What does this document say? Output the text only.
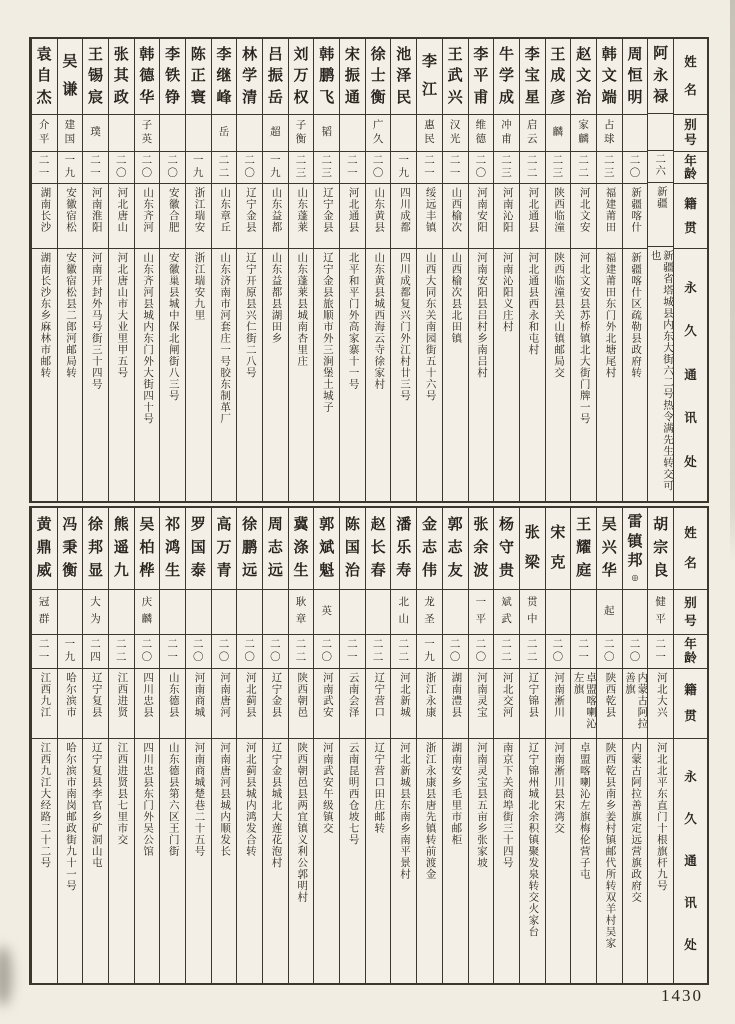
姓
名
别
号
年
龄
籍
贯
永
久
通
讯
处
阿
永
禄
二
六
新疆
新疆省塔城县内东大街六二号热令满先生转交可也
周
恒
明
二
〇
新疆喀什
新疆喀什区疏勒县政府转
韩
文
端
占
球
二
三
福建莆田
福建莆田东门外北塘尾村
赵
文
治
家
麟
二
二
河北文安
河北文安县苏桥镇北大街门牌一号
王
成
彦
麟
二
三
陕西临潼
陕西临潼县关山镇邮局交
李
宝
星
启
云
二
二
河北通县
河北通县西永和屯村
牛
学
成
冲
甫
二
三
河南沁阳
河南沁阳义庄村
李
平
甫
维
德
二
〇
河南安阳
河南安阳县吕村乡南吕村
王
武
兴
汉
光
二
一
山西榆次
山西榆次县北田镇
李
江
惠
民
二
一
绥远丰镇
山西大同东关南园街五十六号
池
泽
民
一
九
四川成都
四川成都复兴门外江村廿三号
徐
士
衡
广
久
二
〇
山东黄县
山东黄县城西海云寺徐家村
宋
振
通
二
一
河北通县
北平和平门外高家寨十一号
韩
鹏
飞
韬
二
三
辽宁金县
辽宁金县旅顺市外三涧堡土城子
刘
万
权
子
衡
二
三
山东蓬莱
山东蓬莱县城南杏里庄
吕
振
岳
超
一
九
山东益都
山东益都县湖田乡
林
学
清
二
〇
辽宁金县
辽宁开原县兴仁街二八号
李
继
峰
岳
二
二
山东章丘
山东济南市河套庄一号胶东制革厂
陈
正
寰
一
九
浙江瑞安
浙江瑞安九里
李
铁
铮
二
〇
安徽合肥
安徽巢县城中保北闸街八三号
韩
德
华
子
英
二
〇
山东齐河
山东齐河县城内东门外大街四十号
张
其
政
二
〇
河北唐山
河北唐山市大业里甲五号
王
锡
宸
璞
二
一
河南淮阳
河南开封外马号街三十四号
吴
谦
建
国
一
九
安徽宿松
安徽宿松县二郎河邮局转
袁
自
杰
介
平
二
一
湖南长沙
湖南长沙东乡麻林市邮转
姓
名
别
号
年
龄
籍
贯
永
久
通
讯
处
胡
宗
良
健
平
二
一
河北大兴
河北北平东直门十根旗杆九号
雷
镇
邦
◎
二
〇
内蒙古阿拉善旗
内蒙古阿拉善旗定远营旗政府交
吴
兴
华
起
二
〇
陕西乾县
陕西乾县南乡姜村镇邮代所转双羊村吴家
王
耀
庭
二
一
卓盟喀喇沁左旗
卓盟喀喇沁左旗梅伦营子屯
宋
克
二
〇
河南淅川
河南淅川县宋湾交
张
梁
贯
中
二
二
辽宁锦县
辽宁锦州城北余积镇聚发泉转交火家台
杨
守
贵
斌
武
二
二
河北交河
南京下关商埠街三十四号
张
余
波
一
平
二
〇
河南灵宝
河南灵宝县五亩乡张家坡
郭
志
友
二
〇
湖南澧县
湖南安乡毛里市邮柜
金
志
伟
龙
圣
一
九
浙江永康
浙江永康县唐先镇转前渡金
潘
乐
寿
北
山
二
二
河北新城
河北新城县东南乡南平景村
赵
长
春
二
二
辽宁营口
辽宁营口田庄邮转
陈
国
治
二
一
云南会泽
云南昆明西仓坡七号
郭
斌
魁
英
二
〇
河南武安
河南武安午级镇交
冀
涤
生
耿
章
二
二
陕西朝邑
陕西朝邑县两宜镇义利公郭明村
周
志
远
二
〇
辽宁金县
辽宁金县城北大莲花泡村
徐
鹏
远
二
〇
河北蓟县
河北蓟县城内鸿发合转
高
万
青
二
〇
河南唐河
河南唐河县城内顺发长
罗
国
泰
二
〇
河南商城
河南商城楚巷二十五号
祁
鸿
生
二
一
山东德县
山东德县第六区王门街
吴
柏
桦
庆
麟
二
〇
四川忠县
四川忠县东门外吴公馆
熊
遥
九
二
二
江西进贤
江西进贤县七里市交
徐
邦
显
大
为
二
四
辽宁复县
辽宁复县李官乡矿洞山屯
冯
秉
衡
一
九
哈尔滨市
哈尔滨市南岗邮政街九十一号
黄
鼎
威
冠
群
二
一
江西九江
江西九江大经路二十二号
1430
